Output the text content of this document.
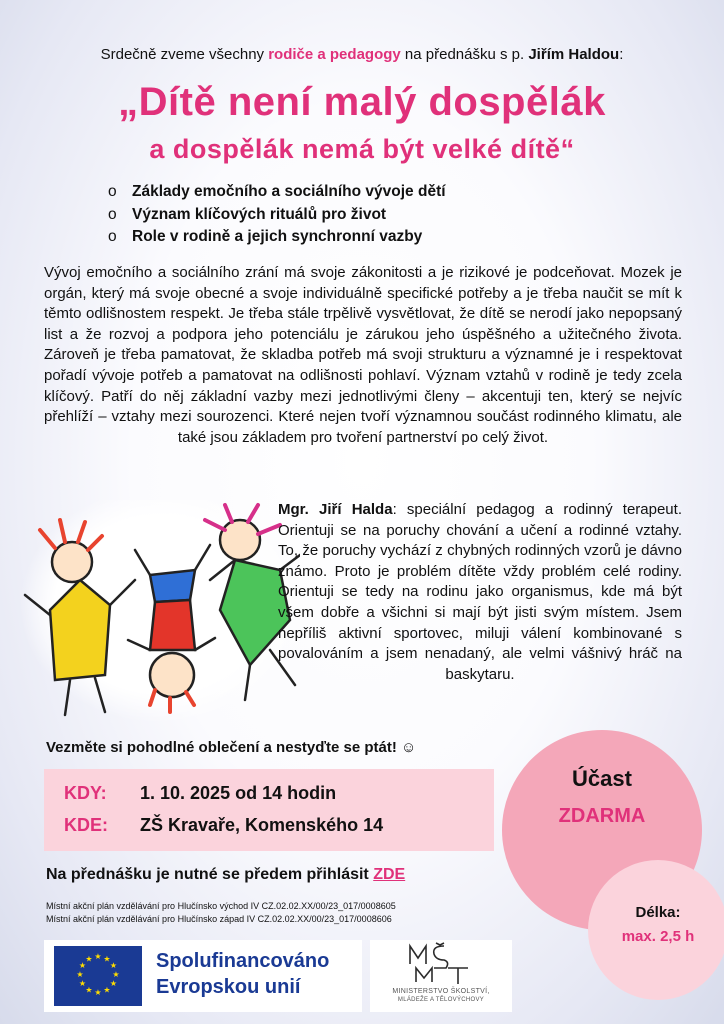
Srdečně zveme všechny rodiče a pedagogy na přednášku s p. Jiřím Haldou:
„Dítě není malý dospělák
a dospělák nemá být velké dítě“
o Základy emočního a sociálního vývoje dětí
o Význam klíčových rituálů pro život
o Role v rodině a jejich synchronní vazby
Vývoj emočního a sociálního zrání má svoje zákonitosti a je rizikové je podceňovat. Mozek je orgán, který má svoje obecné a svoje individuálně specifické potřeby a je třeba naučit se mít k těmto odlišnostem respekt. Je třeba stále trpělivě vysvětlovat, že dítě se nerodí jako nepopsaný list a že rozvoj a podpora jeho potenciálu je zárukou jeho úspěšného a užitečného života. Zároveň je třeba pamatovat, že skladba potřeb má svoji strukturu a významné je i respektovat pořadí vývoje potřeb a pamatovat na odlišnosti pohlaví. Význam vztahů v rodině je tedy zcela klíčový. Patří do něj základní vazby mezi jednotlivými členy – akcentuji ten, který se nejvíc přehlíží – vztahy mezi sourozenci. Které nejen tvoří významnou součást rodinného klimatu, ale také jsou základem pro tvoření partnerství po celý život.
Mgr. Jiří Halda: speciální pedagog a rodinný terapeut. Orientuji se na poruchy chování a učení a rodinné vztahy. To, že poruchy vychází z chybných rodinných vzorů je dávno známo. Proto je problém dítěte vždy problém celé rodiny. Orientuji se tedy na rodinu jako organismus, kde má být všem dobře a všichni si mají být jisti svým místem. Jsem nepříliš aktivní sportovec, miluji válení kombinované s povalováním a jsem nenadaný, ale velmi vášnivý hráč na baskytaru.
Vezměte si pohodlné oblečení a nestyďte se ptát! ☺
KDY: 1. 10. 2025 od 14 hodin
KDE: ZŠ Kravaře, Komenského 14
Účast
ZDARMA
Na přednášku je nutné se předem přihlásit ZDE
Délka:
max. 2,5 h
Místní akční plán vzdělávání pro Hlučínsko východ IV CZ.02.02.XX/00/23_017/0008605
Místní akční plán vzdělávání pro Hlučínsko západ IV CZ.02.02.XX/00/23_017/0008606
★ ★
★
★
★
★
★
★
★
★
★
★	Spolufinancováno
Evropskou unií	MINISTERSTVO ŠKOLSTVÍ,
MLÁDEŽE A TĚLOVÝCHOVY
